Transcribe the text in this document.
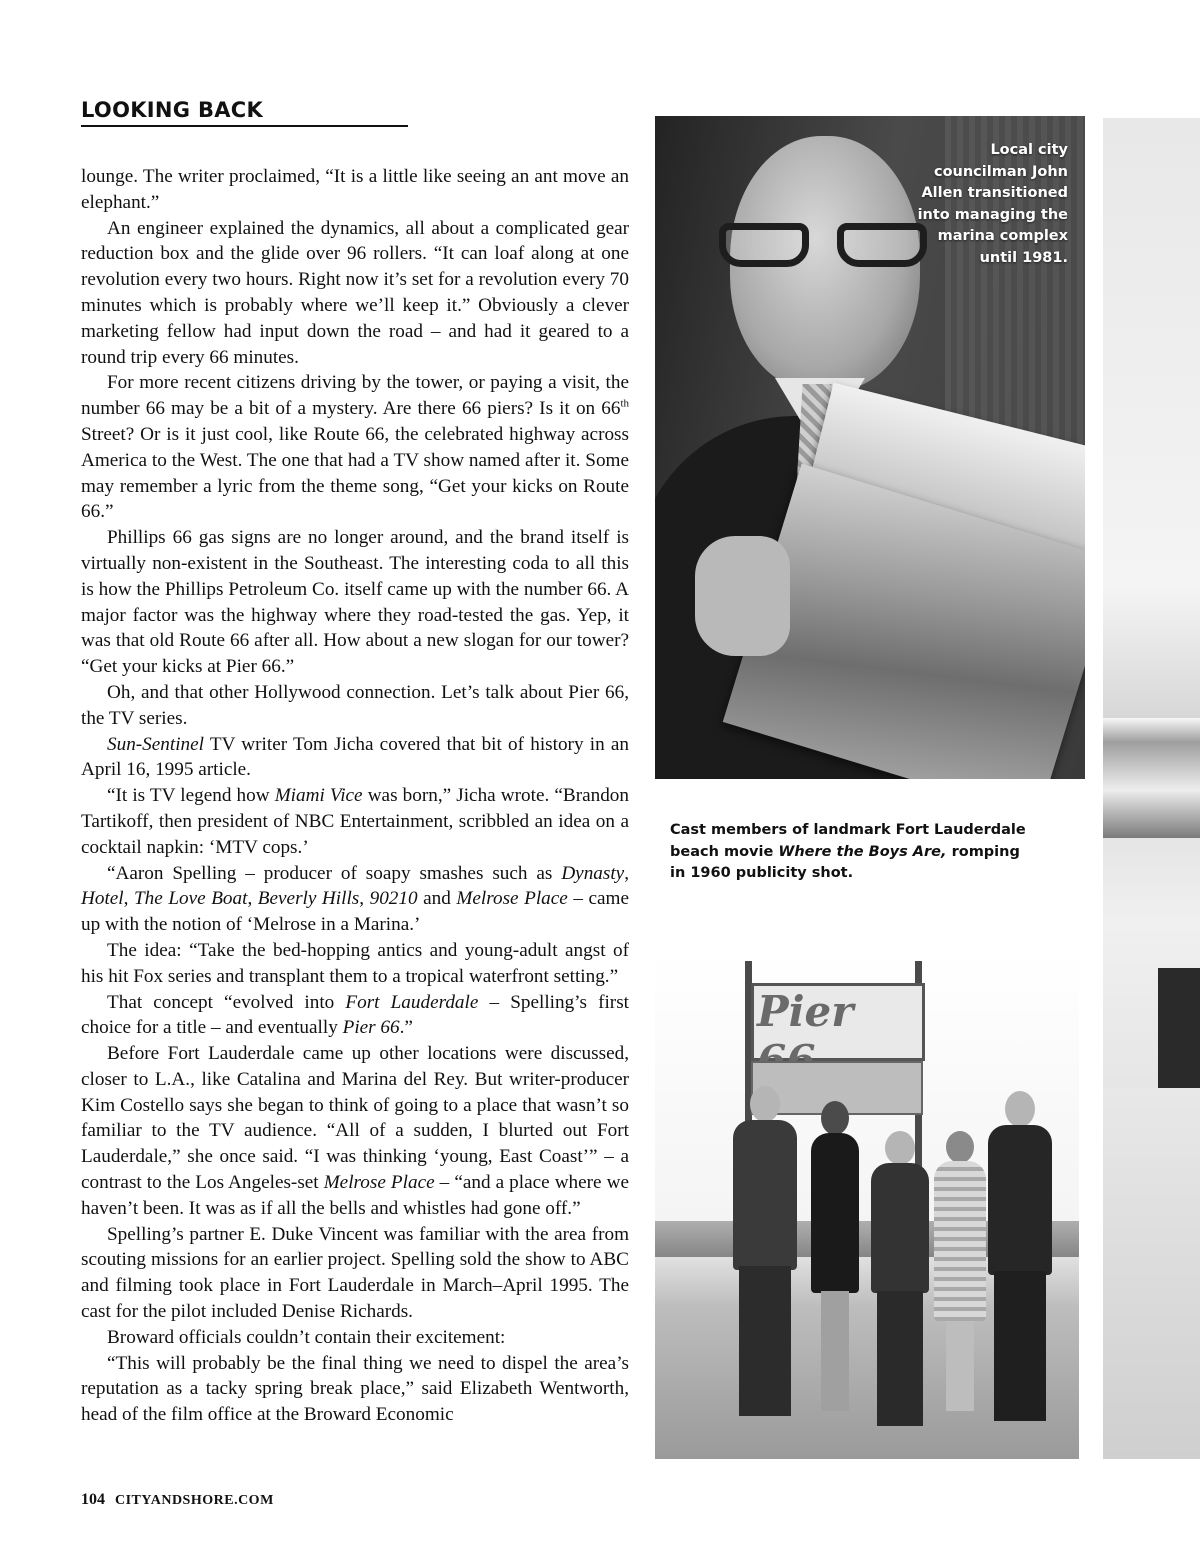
LOOKING BACK

lounge. The writer proclaimed, “It is a little like seeing an ant move an elephant.”

An engineer explained the dynamics, all about a complicated gear reduction box and the glide over 96 rollers. “It can loaf along at one revolution every two hours. Right now it’s set for a revolution every 70 minutes which is probably where we’ll keep it.” Obviously a clever marketing fellow had input down the road – and had it geared to a round trip every 66 minutes.

For more recent citizens driving by the tower, or paying a visit, the number 66 may be a bit of a mystery. Are there 66 piers? Is it on 66th Street? Or is it just cool, like Route 66, the celebrated highway across America to the West. The one that had a TV show named after it. Some may remember a lyric from the theme song, “Get your kicks on Route 66.”

Phillips 66 gas signs are no longer around, and the brand itself is virtually non-existent in the Southeast. The interesting coda to all this is how the Phillips Petroleum Co. itself came up with the number 66. A major factor was the highway where they road-tested the gas. Yep, it was that old Route 66 after all. How about a new slogan for our tower? “Get your kicks at Pier 66.”

Oh, and that other Hollywood connection. Let’s talk about Pier 66, the TV series.

Sun-Sentinel TV writer Tom Jicha covered that bit of history in an April 16, 1995 article.

“It is TV legend how Miami Vice was born,” Jicha wrote. “Brandon Tartikoff, then president of NBC Entertainment, scribbled an idea on a cocktail napkin: ‘MTV cops.’

“Aaron Spelling – producer of soapy smashes such as Dynasty, Hotel, The Love Boat, Beverly Hills, 90210 and Melrose Place – came up with the notion of ‘Melrose in a Marina.’

The idea: “Take the bed-hopping antics and young-adult angst of his hit Fox series and transplant them to a tropical waterfront setting.”

That concept “evolved into Fort Lauderdale – Spelling’s first choice for a title – and eventually Pier 66.”

Before Fort Lauderdale came up other locations were discussed, closer to L.A., like Catalina and Marina del Rey. But writer-producer Kim Costello says she began to think of going to a place that wasn’t so familiar to the TV audience. “All of a sudden, I blurted out Fort Lauderdale,” she once said. “I was thinking ‘young, East Coast’” – a contrast to the Los Angeles-set Melrose Place – “and a place where we haven’t been. It was as if all the bells and whistles had gone off.”

Spelling’s partner E. Duke Vincent was familiar with the area from scouting missions for an earlier project. Spelling sold the show to ABC and filming took place in Fort Lauderdale in March–April 1995. The cast for the pilot included Denise Richards.

Broward officials couldn’t contain their excitement:

“This will probably be the final thing we need to dispel the area’s reputation as a tacky spring break place,” said Elizabeth Wentworth, head of the film office at the Broward Economic

104 CITYANDSHORE.COM
Local city councilman John Allen transitioned into managing the marina complex until 1981.
Cast members of landmark Fort Lauderdale beach movie Where the Boys Are, romping in 1960 publicity shot.
Pier
